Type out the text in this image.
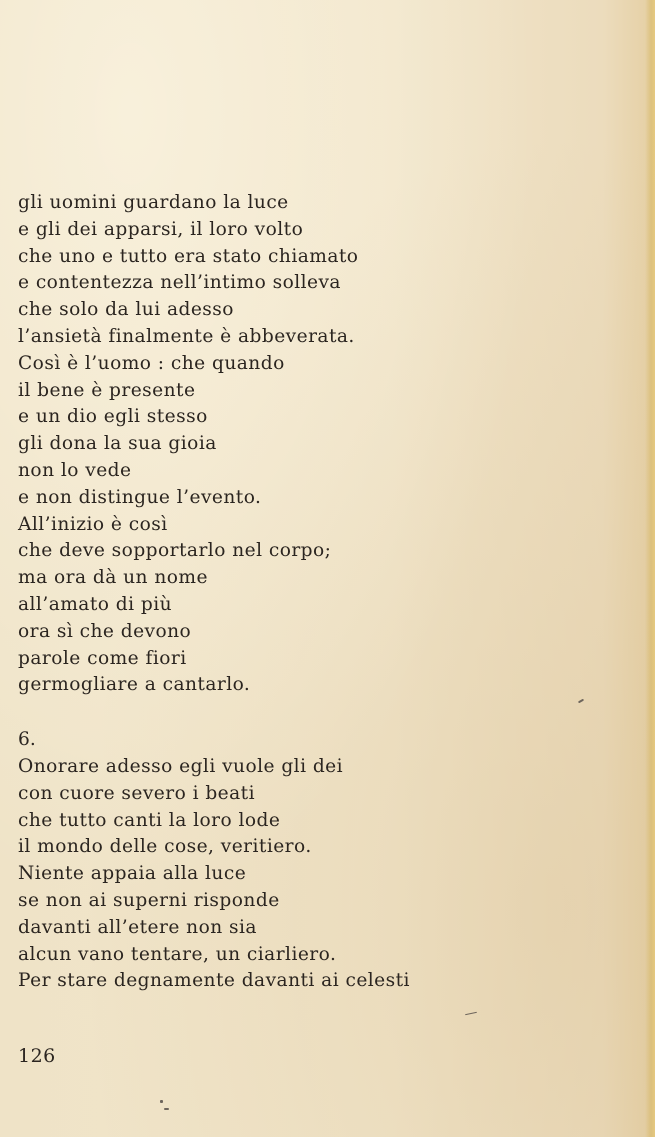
gli uomini guardano la luce
e gli dei apparsi, il loro volto
che uno e tutto era stato chiamato
e contentezza nell’intimo solleva
che solo da lui adesso
l’ansietà finalmente è abbeverata.
Così è l’uomo : che quando
il bene è presente
e un dio egli stesso
gli dona la sua gioia
non lo vede
e non distingue l’evento.
All’inizio è così
che deve sopportarlo nel corpo;
ma ora dà un nome
all’amato di più
ora sì che devono
parole come fiori
germogliare a cantarlo.
6.
Onorare adesso egli vuole gli dei
con cuore severo i beati
che tutto canti la loro lode
il mondo delle cose, veritiero.
Niente appaia alla luce
se non ai superni risponde
davanti all’etere non sia
alcun vano tentare, un ciarliero.
Per stare degnamente davanti ai celesti
126
